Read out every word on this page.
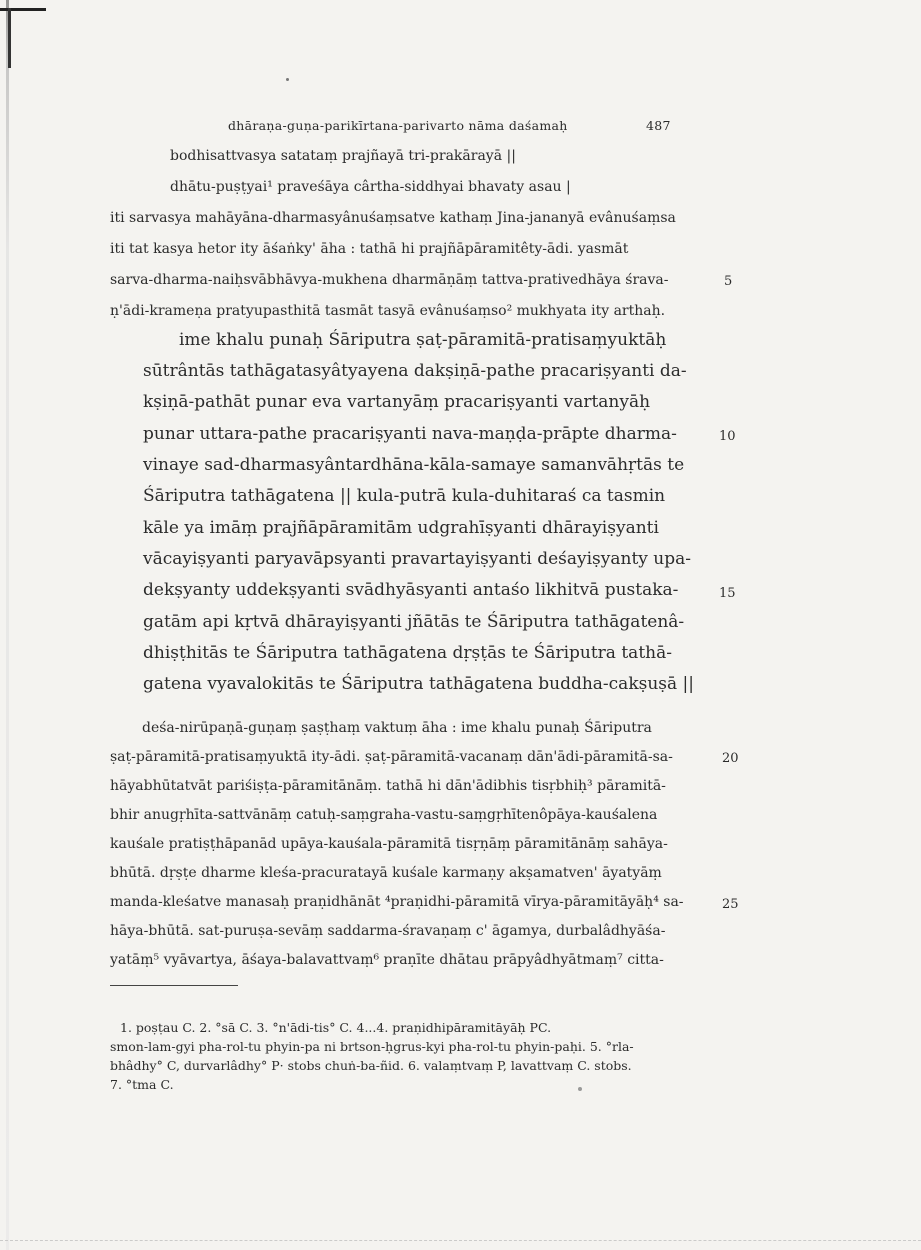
dhāraṇa-guṇa-parikīrtana-parivarto nāma daśamaḥ	487
bodhisattvasya satataṃ prajñayā tri-prakārayā ||
dhātu-puṣṭyai¹ praveśāya cârtha-siddhyai bhavaty asau |
iti sarvasya mahāyāna-dharmasyânuśaṃsatve kathaṃ Jina-jananyā evânuśaṃsa
iti tat kasya hetor ity āśaṅky' āha : tathā hi prajñāpāramitêty-ādi. yasmāt
sarva-dharma-naiḥsvābhāvya-mukhena dharmāṇāṃ tattva-prativedhāya śrava-
ṇ'ādi-krameṇa pratyupasthitā tasmāt tasyā evânuśaṃso² mukhyata ity arthaḥ.
5
ime khalu punaḥ Śāriputra ṣaṭ-pāramitā-pratisaṃyuktāḥ
sūtrântās tathāgatasyâtyayena dakṣiṇā-pathe pracariṣyanti da-
kṣiṇā-pathāt punar eva vartanyāṃ pracariṣyanti vartanyāḥ
punar uttara-pathe pracariṣyanti nava-maṇḍa-prāpte dharma-
vinaye sad-dharmasyântardhāna-kāla-samaye samanvāhṛtās te
Śāriputra tathāgatena || kula-putrā kula-duhitaraś ca tasmin
kāle ya imāṃ prajñāpāramitām udgrahīṣyanti dhārayiṣyanti
vācayiṣyanti paryavāpsyanti pravartayiṣyanti deśayiṣyanty upa-
dekṣyanty uddekṣyanti svādhyāsyanti antaśo likhitvā pustaka-
gatām api kṛtvā dhārayiṣyanti jñātās te Śāriputra tathāgatenâ-
dhiṣṭhitās te Śāriputra tathāgatena dṛṣṭās te Śāriputra tathā-
gatena vyavalokitās te Śāriputra tathāgatena buddha-cakṣuṣā ||
10
15
deśa-nirūpaṇā-guṇaṃ ṣaṣṭhaṃ vaktuṃ āha : ime khalu punaḥ Śāriputra
ṣaṭ-pāramitā-pratisaṃyuktā ity-ādi. ṣaṭ-pāramitā-vacanaṃ dān'ādi-pāramitā-sa-
hāyabhūtatvāt pariśiṣṭa-pāramitānāṃ. tathā hi dān'ādibhis tisṛbhiḥ³ pāramitā-
bhir anugṛhīta-sattvānāṃ catuḥ-saṃgraha-vastu-saṃgṛhītenôpāya-kauśalena
kauśale pratiṣṭhāpanād upāya-kauśala-pāramitā tisṛṇāṃ pāramitānāṃ sahāya-
bhūtā. dṛṣṭe dharme kleśa-pracuratayā kuśale karmaṇy akṣamatven' āyatyāṃ
manda-kleśatve manasaḥ praṇidhānāt ⁴praṇidhi-pāramitā vīrya-pāramitāyāḥ⁴ sa-
hāya-bhūtā. sat-puruṣa-sevāṃ saddarma-śravaṇaṃ c' āgamya, durbalâdhyāśa-
yatāṃ⁵ vyāvartya, āśaya-balavattvaṃ⁶ praṇīte dhātau prāpyâdhyātmaṃ⁷ citta-
20
25
1. poṣṭau C. 2. °sā C. 3. °n'ādi-tis° C. 4...4. praṇidhipāramitāyāḥ PC.
smon-lam-gyi pha-rol-tu phyin-pa ni brtson-ḥgrus-kyi pha-rol-tu phyin-paḥi. 5. °rla-
bhâdhy° C, durvarlâdhy° P· stobs chuṅ-ba-ñid. 6. valaṃtvaṃ P, lavattvaṃ C. stobs.
7. °tma C.
